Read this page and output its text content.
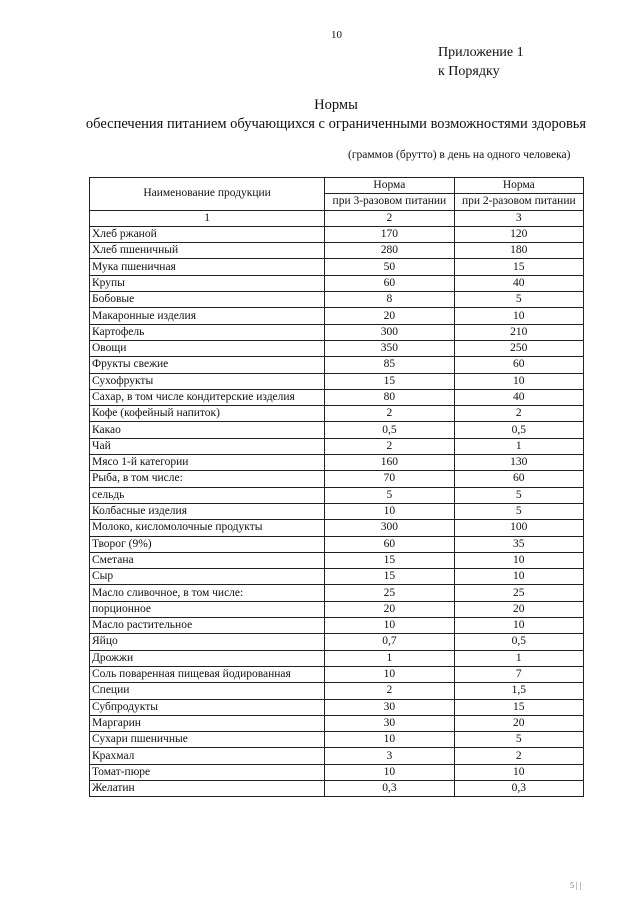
10
Приложение 1
к Порядку
Нормы
обеспечения питанием обучающихся с ограниченными возможностями здоровья
(граммов (брутто) в день на одного человека)
Наименование продукции	Норма	Норма
	при 3-разовом питании	при 2-разовом питании
1	2	3
Хлеб ржаной	170	120
Хлеб пшеничный	280	180
Мука пшеничная	50	15
Крупы	60	40
Бобовые	8	5
Макаронные изделия	20	10
Картофель	300	210
Овощи	350	250
Фрукты свежие	85	60
Сухофрукты	15	10
Сахар, в том числе кондитерские изделия	80	40
Кофе (кофейный напиток)	2	2
Какао	0,5	0,5
Чай	2	1
Мясо 1-й категории	160	130
Рыба, в том числе:	70	60
сельдь	5	5
Колбасные изделия	10	5
Молоко, кисломолочные продукты	300	100
Творог (9%)	60	35
Сметана	15	10
Сыр	15	10
Масло сливочное, в том числе:	25	25
порционное	20	20
Масло растительное	10	10
Яйцо	0,7	0,5
Дрожжи	1	1
Соль поваренная пищевая йодированная	10	7
Специи	2	1,5
Субпродукты	30	15
Маргарин	30	20
Сухари пшеничные	10	5
Крахмал	3	2
Томат-пюре	10	10
Желатин	0,3	0,3
5 | |
